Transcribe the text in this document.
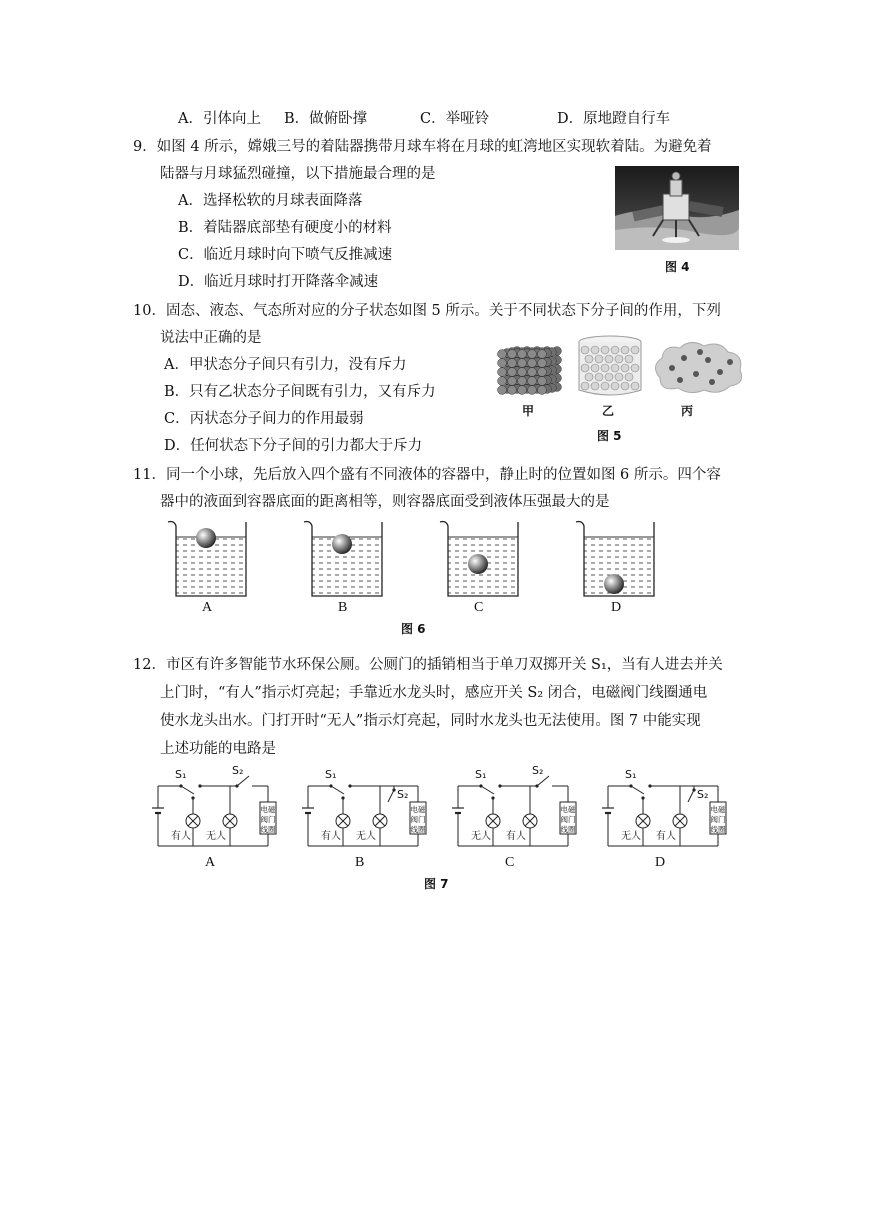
A．引体向上 B．做俯卧撑	C．举哑铃	D．原地蹬自行车
9．如图 4 所示，嫦娥三号的着陆器携带月球车将在月球的虹湾地区实现软着陆。为避免着
陆器与月球猛烈碰撞，以下措施最合理的是
A．选择松软的月球表面降落
B．着陆器底部垫有硬度小的材料
C．临近月球时向下喷气反推减速
D．临近月球时打开降落伞减速
图 4
10．固态、液态、气态所对应的分子状态如图 5 所示。关于不同状态下分子间的作用，下列
说法中正确的是
A．甲状态分子间只有引力，没有斥力
B．只有乙状态分子间既有引力，又有斥力
C．丙状态分子间力的作用最弱
D．任何状态下分子间的引力都大于斥力
甲	乙	丙
图 5
11．同一个小球，先后放入四个盛有不同液体的容器中，静止时的位置如图 6 所示。四个容
器中的液面到容器底面的距离相等，则容器底面受到液体压强最大的是
A	B	C	D
图 6
12．市区有许多智能节水环保公厕。公厕门的插销相当于单刀双掷开关 S₁，当有人进去并关
上门时，“有人”指示灯亮起；手靠近水龙头时，感应开关 S₂ 闭合，电磁阀门线圈通电
使水龙头出水。门打开时“无人”指示灯亮起，同时水龙头也无法使用。图 7 中能实现
上述功能的电路是
S₁	S₂
电磁
阀门
线圈
有人 无人
S₁
S₂
电磁
阀门
线圈
有人 无人
S₁	S₂
电磁
阀门
线圈
无人 有人
S₁
S₂
电磁
阀门
线圈
无人 有人
A	B	C	D
图 7
